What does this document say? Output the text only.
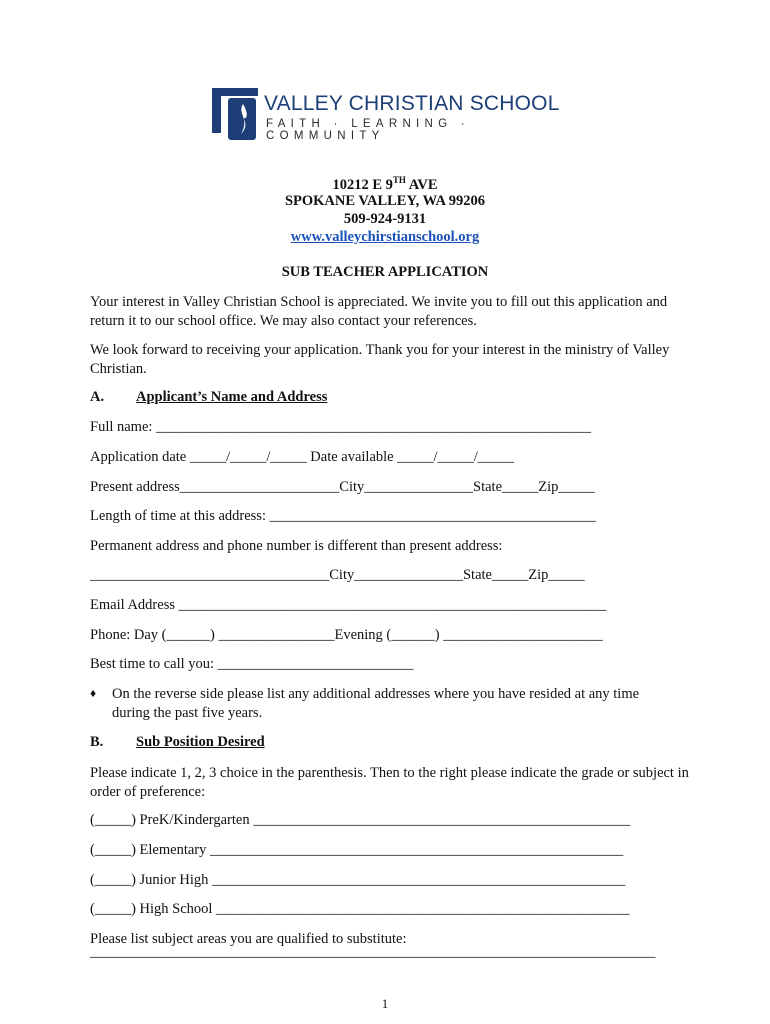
VALLEY CHRISTIAN SCHOOL
FAITH · LEARNING · COMMUNITY
10212 E 9TH AVE
SPOKANE VALLEY, WA 99206
509-924-9131
www.valleychirstianschool.org
SUB TEACHER APPLICATION
Your interest in Valley Christian School is appreciated. We invite you to fill out this application and return it to our school office. We may also contact your references.
We look forward to receiving your application. Thank you for your interest in the ministry of Valley Christian.
A. Applicant’s Name and Address
Full name: ____________________________________________________________
Application date _____/_____/_____ Date available _____/_____/_____
Present address______________________City_______________State_____Zip_____
Length of time at this address: _____________________________________________
Permanent address and phone number is different than present address:
_________________________________City_______________State_____Zip_____
Email Address ___________________________________________________________
Phone: Day (______) ________________Evening (______) ______________________
Best time to call you: ___________________________
♦ On the reverse side please list any additional addresses where you have resided at any time
during the past five years.
B. Sub Position Desired
Please indicate 1, 2, 3 choice in the parenthesis. Then to the right please indicate the grade or subject in order of preference:
(_____) PreK/Kindergarten ____________________________________________________
(_____) Elementary _________________________________________________________
(_____) Junior High _________________________________________________________
(_____) High School _________________________________________________________
Please list subject areas you are qualified to substitute:
______________________________________________________________________________
1
